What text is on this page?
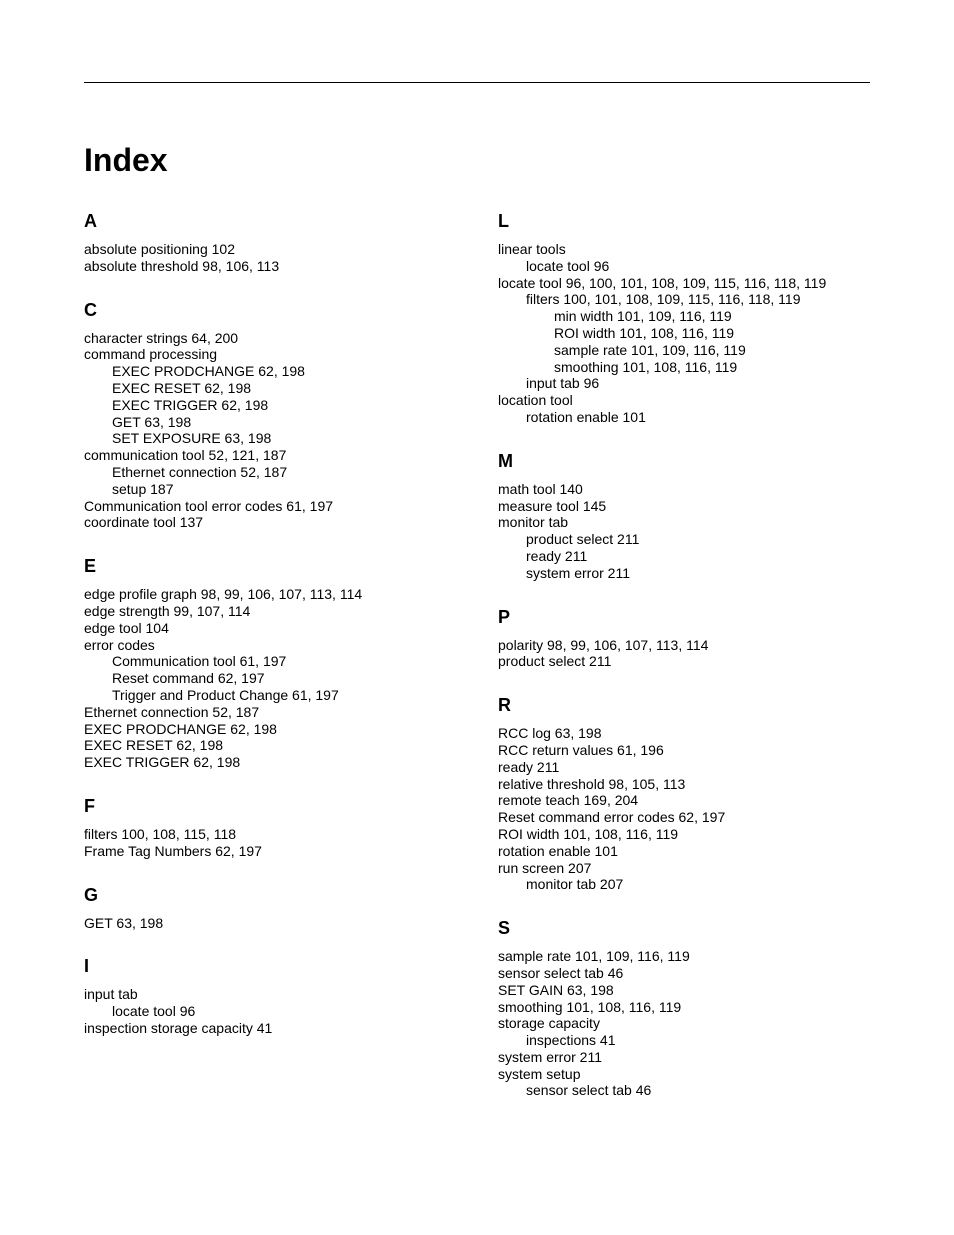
Index
A
absolute positioning 102
absolute threshold 98, 106, 113
C
character strings 64, 200
command processing
EXEC PRODCHANGE 62, 198
EXEC RESET 62, 198
EXEC TRIGGER 62, 198
GET 63, 198
SET EXPOSURE 63, 198
communication tool 52, 121, 187
Ethernet connection 52, 187
setup 187
Communication tool error codes 61, 197
coordinate tool 137
E
edge profile graph 98, 99, 106, 107, 113, 114
edge strength 99, 107, 114
edge tool 104
error codes
Communication tool 61, 197
Reset command 62, 197
Trigger and Product Change 61, 197
Ethernet connection 52, 187
EXEC PRODCHANGE 62, 198
EXEC RESET 62, 198
EXEC TRIGGER 62, 198
F
filters 100, 108, 115, 118
Frame Tag Numbers 62, 197
G
GET 63, 198
I
input tab
locate tool 96
inspection storage capacity 41
L
linear tools
locate tool 96
locate tool 96, 100, 101, 108, 109, 115, 116, 118, 119
filters 100, 101, 108, 109, 115, 116, 118, 119
min width 101, 109, 116, 119
ROI width 101, 108, 116, 119
sample rate 101, 109, 116, 119
smoothing 101, 108, 116, 119
input tab 96
location tool
rotation enable 101
M
math tool 140
measure tool 145
monitor tab
product select 211
ready 211
system error 211
P
polarity 98, 99, 106, 107, 113, 114
product select 211
R
RCC log 63, 198
RCC return values 61, 196
ready 211
relative threshold 98, 105, 113
remote teach 169, 204
Reset command error codes 62, 197
ROI width 101, 108, 116, 119
rotation enable 101
run screen 207
monitor tab 207
S
sample rate 101, 109, 116, 119
sensor select tab 46
SET GAIN 63, 198
smoothing 101, 108, 116, 119
storage capacity
inspections 41
system error 211
system setup
sensor select tab 46
